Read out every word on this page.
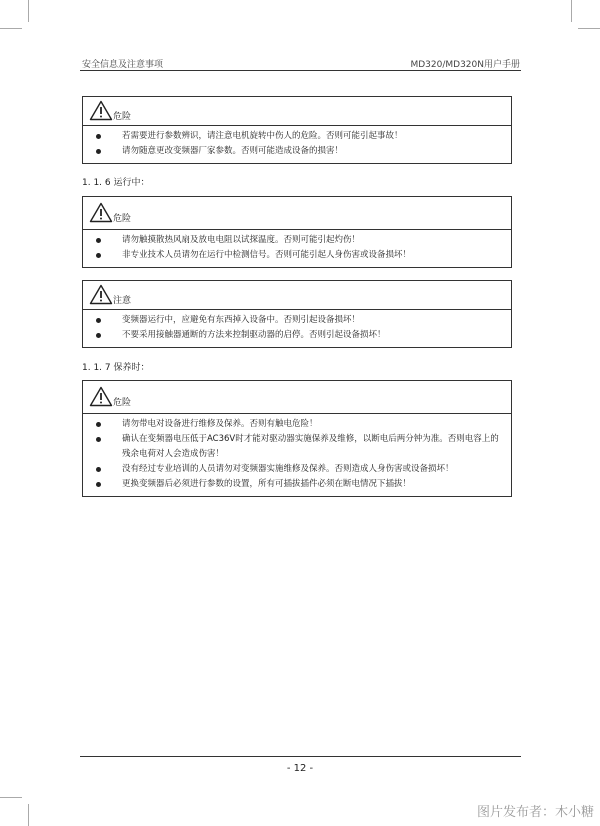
安全信息及注意事项	MD320/MD320N用户手册
危险
若需要进行参数辨识，请注意电机旋转中伤人的危险。否则可能引起事故！
请勿随意更改变频器厂家参数。否则可能造成设备的损害！
1. 1. 6 运行中：
危险
请勿触摸散热风扇及放电电阻以试探温度。否则可能引起灼伤！
非专业技术人员请勿在运行中检测信号。否则可能引起人身伤害或设备损坏！
注意
变频器运行中，应避免有东西掉入设备中。否则引起设备损坏！
不要采用接触器通断的方法来控制驱动器的启停。否则引起设备损坏！
1. 1. 7 保养时：
危险
请勿带电对设备进行维修及保养。否则有触电危险！
确认在变频器电压低于AC36V时才能对驱动器实施保养及维修，以断电后两分钟为准。否则电容上的残余电荷对人会造成伤害！
没有经过专业培训的人员请勿对变频器实施维修及保养。否则造成人身伤害或设备损坏！
更换变频器后必须进行参数的设置，所有可插拔插件必须在断电情况下插拔！
- 12 -
图片发布者：木小糖
